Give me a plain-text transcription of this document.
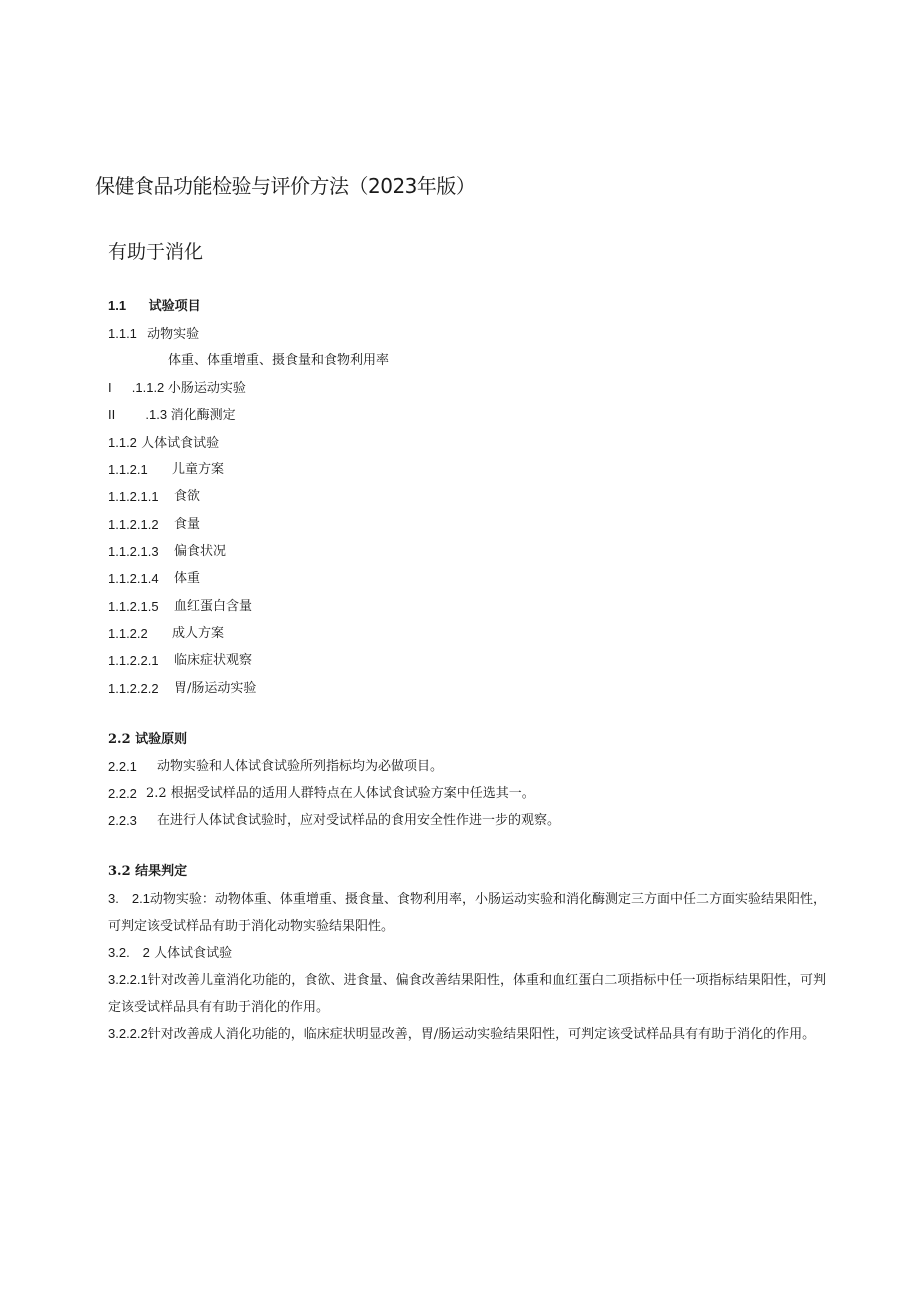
保健食品功能检验与评价方法（2023年版）
有助于消化
1.1 试验项目
1.1.1 动物实验
体重、体重增重、摄食量和食物利用率
I .1.1.2 小肠运动实验
II .1.3 消化酶测定
1.1.2 人体试食试验
1.1.2.1 儿童方案
1.1.2.1.1 食欲
1.1.2.1.2 食量
1.1.2.1.3 偏食状况
1.1.2.1.4 体重
1.1.2.1.5 血红蛋白含量
1.1.2.2 成人方案
1.1.2.2.1 临床症状观察
1.1.2.2.2 胃/肠运动实验
2.2 试验原则
2.2.1 动物实验和人体试食试验所列指标均为必做项目。
2.2.2 2.2 根据受试样品的适用人群特点在人体试食试验方案中任选其一。
2.2.3 在进行人体试食试验时，应对受试样品的食用安全性作进一步的观察。
3.2 结果判定
3.　2.1动物实验：动物体重、体重增重、摄食量、食物利用率，小肠运动实验和消化酶测定三方面中任二方面实验结果阳性，可判定该受试样品有助于消化动物实验结果阳性。
3.2.　2 人体试食试验
3.2.2.1针对改善儿童消化功能的，食欲、进食量、偏食改善结果阳性，体重和血红蛋白二项指标中任一项指标结果阳性，可判定该受试样品具有有助于消化的作用。
3.2.2.2针对改善成人消化功能的，临床症状明显改善，胃/肠运动实验结果阳性，可判定该受试样品具有有助于消化的作用。
